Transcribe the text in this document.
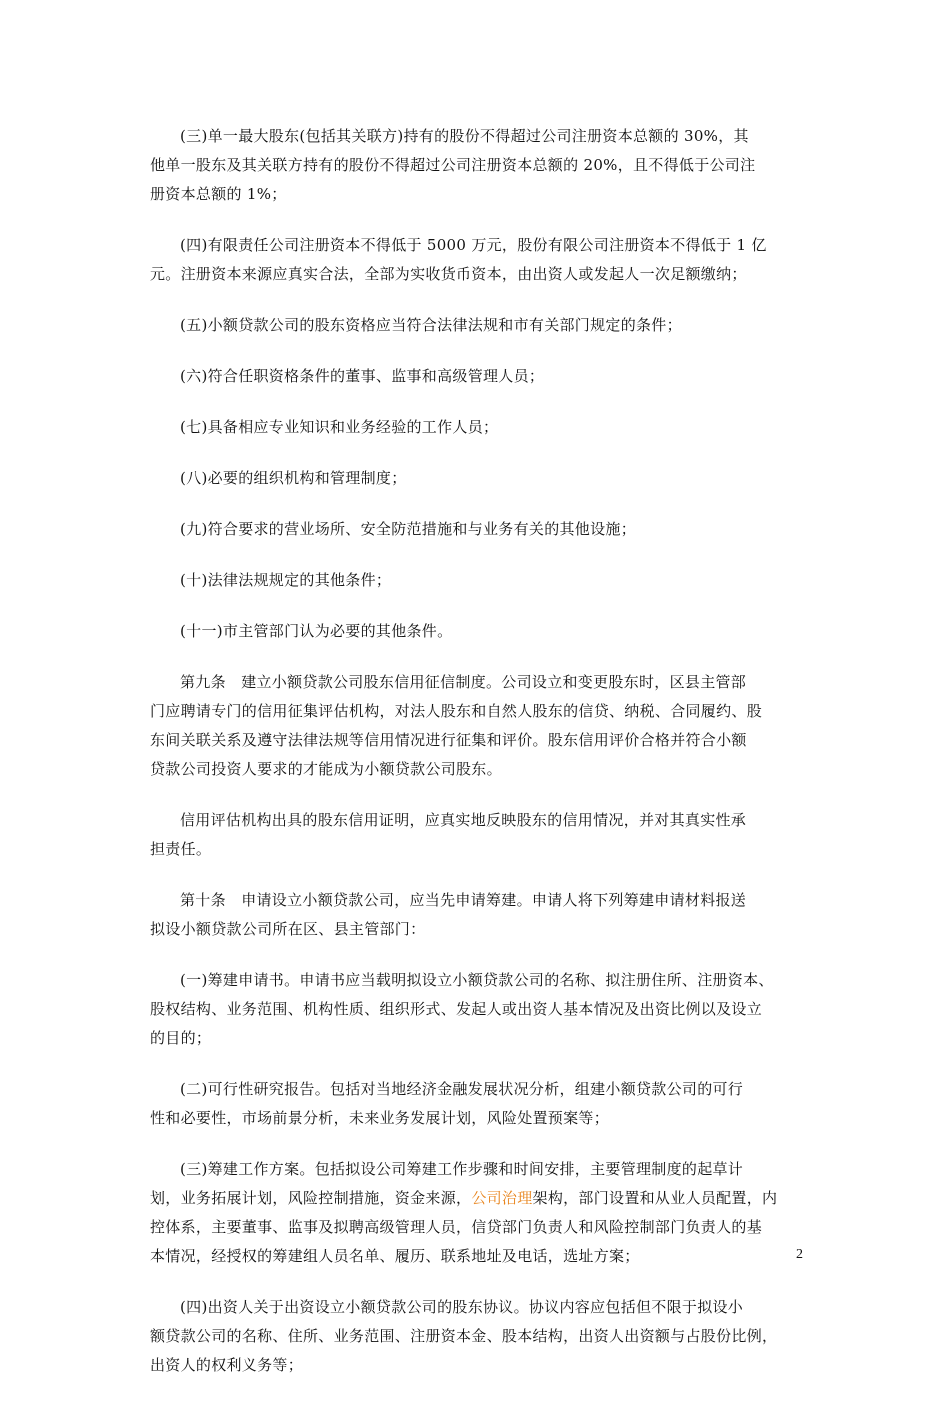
(三)单一最大股东(包括其关联方)持有的股份不得超过公司注册资本总额的 30%，其
他单一股东及其关联方持有的股份不得超过公司注册资本总额的 20%，且不得低于公司注
册资本总额的 1%；

(四)有限责任公司注册资本不得低于 5000 万元，股份有限公司注册资本不得低于 1 亿
元。注册资本来源应真实合法，全部为实收货币资本，由出资人或发起人一次足额缴纳；

(五)小额贷款公司的股东资格应当符合法律法规和市有关部门规定的条件；

(六)符合任职资格条件的董事、监事和高级管理人员；

(七)具备相应专业知识和业务经验的工作人员；

(八)必要的组织机构和管理制度；

(九)符合要求的营业场所、安全防范措施和与业务有关的其他设施；

(十)法律法规规定的其他条件；

(十一)市主管部门认为必要的其他条件。

第九条　建立小额贷款公司股东信用征信制度。公司设立和变更股东时，区县主管部
门应聘请专门的信用征集评估机构，对法人股东和自然人股东的信贷、纳税、合同履约、股
东间关联关系及遵守法律法规等信用情况进行征集和评价。股东信用评价合格并符合小额
贷款公司投资人要求的才能成为小额贷款公司股东。

信用评估机构出具的股东信用证明，应真实地反映股东的信用情况，并对其真实性承
担责任。

第十条　申请设立小额贷款公司，应当先申请筹建。申请人将下列筹建申请材料报送
拟设小额贷款公司所在区、县主管部门：

(一)筹建申请书。申请书应当载明拟设立小额贷款公司的名称、拟注册住所、注册资本、
股权结构、业务范围、机构性质、组织形式、发起人或出资人基本情况及出资比例以及设立
的目的；

(二)可行性研究报告。包括对当地经济金融发展状况分析，组建小额贷款公司的可行
性和必要性，市场前景分析，未来业务发展计划，风险处置预案等；

(三)筹建工作方案。包括拟设公司筹建工作步骤和时间安排，主要管理制度的起草计
划，业务拓展计划，风险控制措施，资金来源，公司治理架构，部门设置和从业人员配置，内
控体系，主要董事、监事及拟聘高级管理人员，信贷部门负责人和风险控制部门负责人的基
本情况，经授权的筹建组人员名单、履历、联系地址及电话，选址方案；

(四)出资人关于出资设立小额贷款公司的股东协议。协议内容应包括但不限于拟设小
额贷款公司的名称、住所、业务范围、注册资本金、股本结构，出资人出资额与占股份比例，
出资人的权利义务等；

2
